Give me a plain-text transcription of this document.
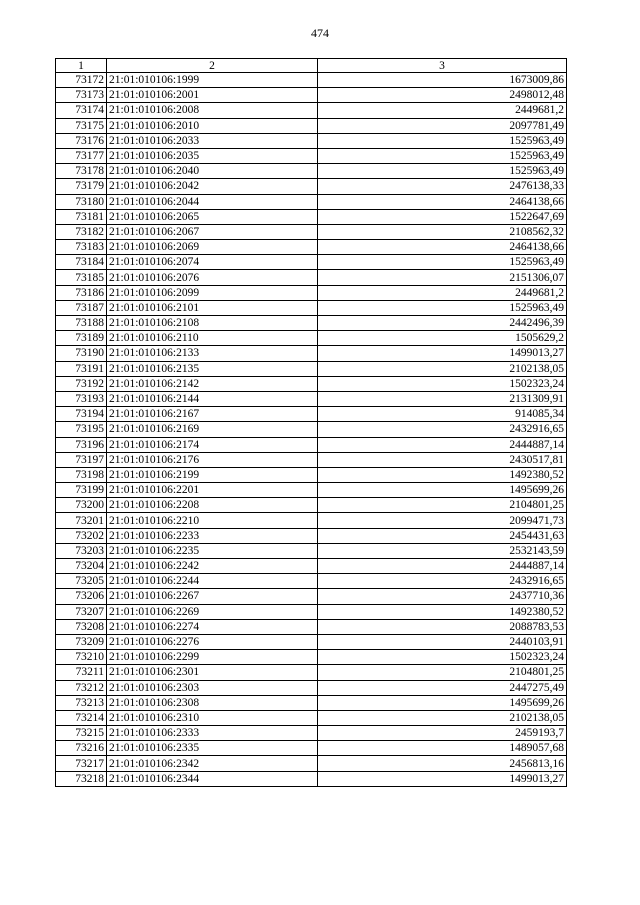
474
1	2	3
73172	21:01:010106:1999	1673009,86
73173	21:01:010106:2001	2498012,48
73174	21:01:010106:2008	2449681,2
73175	21:01:010106:2010	2097781,49
73176	21:01:010106:2033	1525963,49
73177	21:01:010106:2035	1525963,49
73178	21:01:010106:2040	1525963,49
73179	21:01:010106:2042	2476138,33
73180	21:01:010106:2044	2464138,66
73181	21:01:010106:2065	1522647,69
73182	21:01:010106:2067	2108562,32
73183	21:01:010106:2069	2464138,66
73184	21:01:010106:2074	1525963,49
73185	21:01:010106:2076	2151306,07
73186	21:01:010106:2099	2449681,2
73187	21:01:010106:2101	1525963,49
73188	21:01:010106:2108	2442496,39
73189	21:01:010106:2110	1505629,2
73190	21:01:010106:2133	1499013,27
73191	21:01:010106:2135	2102138,05
73192	21:01:010106:2142	1502323,24
73193	21:01:010106:2144	2131309,91
73194	21:01:010106:2167	914085,34
73195	21:01:010106:2169	2432916,65
73196	21:01:010106:2174	2444887,14
73197	21:01:010106:2176	2430517,81
73198	21:01:010106:2199	1492380,52
73199	21:01:010106:2201	1495699,26
73200	21:01:010106:2208	2104801,25
73201	21:01:010106:2210	2099471,73
73202	21:01:010106:2233	2454431,63
73203	21:01:010106:2235	2532143,59
73204	21:01:010106:2242	2444887,14
73205	21:01:010106:2244	2432916,65
73206	21:01:010106:2267	2437710,36
73207	21:01:010106:2269	1492380,52
73208	21:01:010106:2274	2088783,53
73209	21:01:010106:2276	2440103,91
73210	21:01:010106:2299	1502323,24
73211	21:01:010106:2301	2104801,25
73212	21:01:010106:2303	2447275,49
73213	21:01:010106:2308	1495699,26
73214	21:01:010106:2310	2102138,05
73215	21:01:010106:2333	2459193,7
73216	21:01:010106:2335	1489057,68
73217	21:01:010106:2342	2456813,16
73218	21:01:010106:2344	1499013,27
